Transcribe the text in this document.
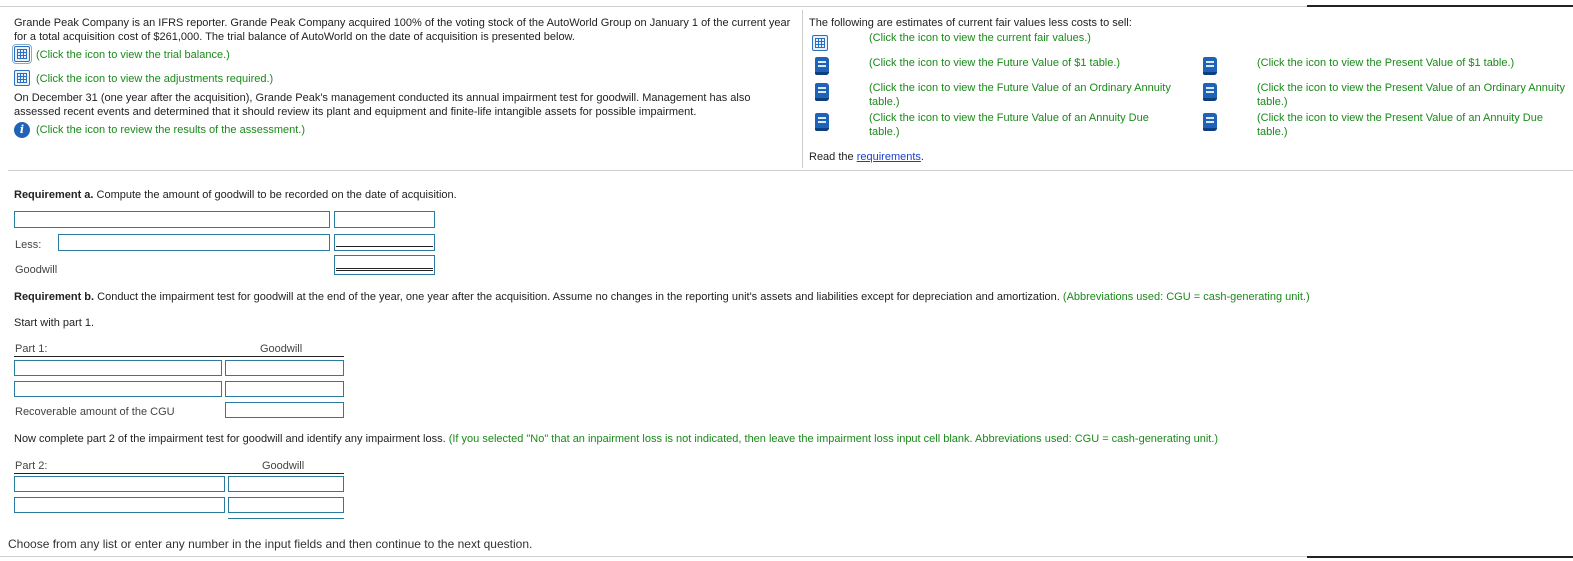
Grande Peak Company is an IFRS reporter. Grande Peak Company acquired 100% of the voting stock of the AutoWorld Group on January 1 of the current year for a total acquisition cost of $261,000. The trial balance of AutoWorld on the date of acquisition is presented below.
(Click the icon to view the trial balance.)
(Click the icon to view the adjustments required.)
On December 31 (one year after the acquisition), Grande Peak's management conducted its annual impairment test for goodwill. Management has also assessed recent events and determined that it should review its plant and equipment and finite-life intangible assets for possible impairment.
i	(Click the icon to review the results of the assessment.)
The following are estimates of current fair values less costs to sell:
(Click the icon to view the current fair values.)
(Click the icon to view the Future Value of $1 table.)
(Click the icon to view the Future Value of an Ordinary Annuity table.)
(Click the icon to view the Future Value of an Annuity Due table.)
(Click the icon to view the Present Value of $1 table.)
(Click the icon to view the Present Value of an Ordinary Annuity table.)
(Click the icon to view the Present Value of an Annuity Due table.)
Read the requirements.
Requirement a. Compute the amount of goodwill to be recorded on the date of acquisition.
Less:
Goodwill
Requirement b. Conduct the impairment test for goodwill at the end of the year, one year after the acquisition. Assume no changes in the reporting unit's assets and liabilities except for depreciation and amortization. (Abbreviations used: CGU = cash-generating unit.)
Start with part 1.
Part 1:	Goodwill
Recoverable amount of the CGU
Now complete part 2 of the impairment test for goodwill and identify any impairment loss. (If you selected "No" that an inpairment loss is not indicated, then leave the impairment loss input cell blank. Abbreviations used: CGU = cash-generating unit.)
Part 2:	Goodwill
Choose from any list or enter any number in the input fields and then continue to the next question.
